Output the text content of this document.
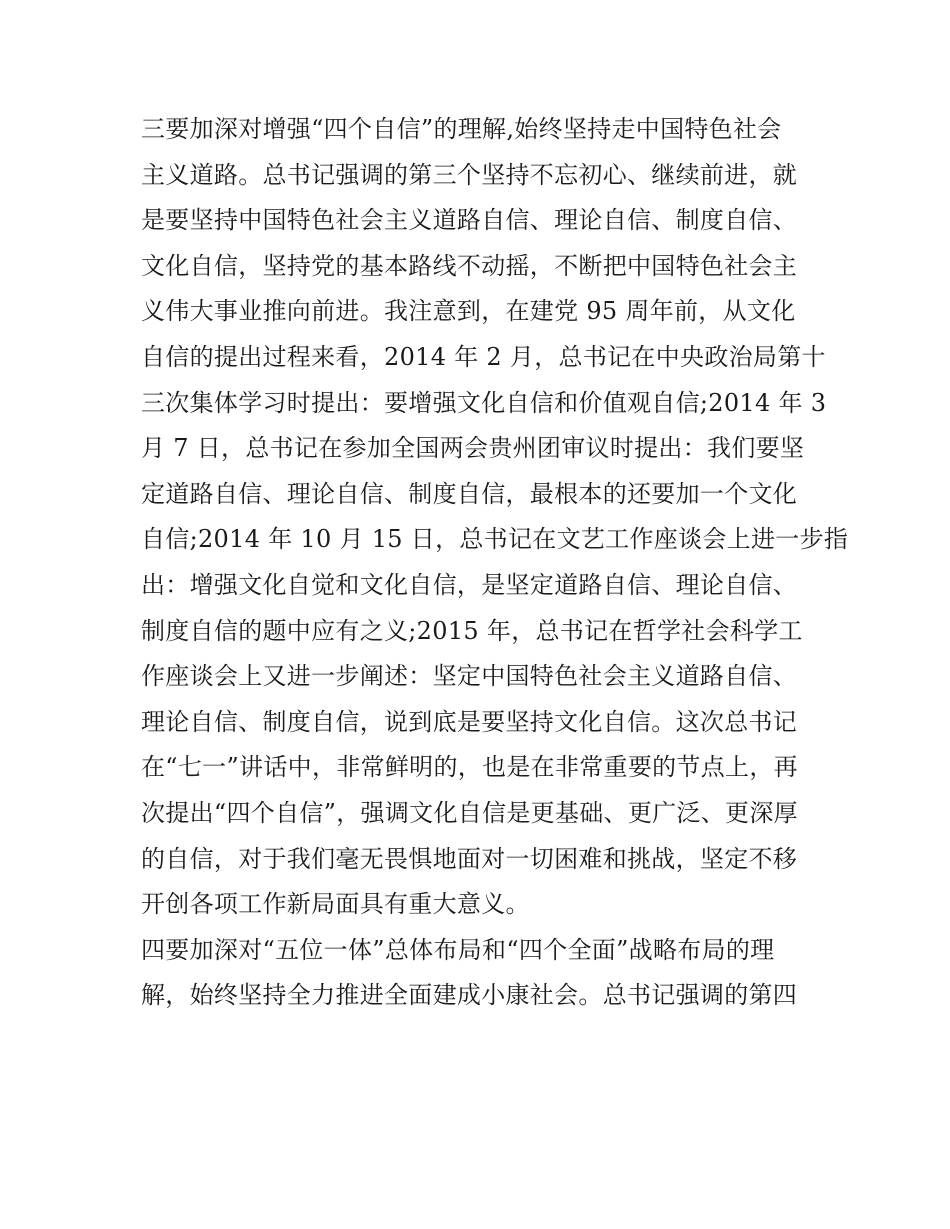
三要加深对增强“四个自信”的理解,始终坚持走中国特色社会
主义道路。总书记强调的第三个坚持不忘初心、继续前进，就
是要坚持中国特色社会主义道路自信、理论自信、制度自信、
文化自信，坚持党的基本路线不动摇，不断把中国特色社会主
义伟大事业推向前进。我注意到，在建党 95 周年前，从文化
自信的提出过程来看，2014 年 2 月，总书记在中央政治局第十
三次集体学习时提出：要增强文化自信和价值观自信;2014 年 3
月 7 日，总书记在参加全国两会贵州团审议时提出：我们要坚
定道路自信、理论自信、制度自信，最根本的还要加一个文化
自信;2014 年 10 月 15 日，总书记在文艺工作座谈会上进一步指
出：增强文化自觉和文化自信，是坚定道路自信、理论自信、
制度自信的题中应有之义;2015 年，总书记在哲学社会科学工
作座谈会上又进一步阐述：坚定中国特色社会主义道路自信、
理论自信、制度自信，说到底是要坚持文化自信。这次总书记
在“七一”讲话中，非常鲜明的，也是在非常重要的节点上，再
次提出“四个自信”，强调文化自信是更基础、更广泛、更深厚
的自信，对于我们毫无畏惧地面对一切困难和挑战，坚定不移
开创各项工作新局面具有重大意义。
四要加深对“五位一体”总体布局和“四个全面”战略布局的理
解，始终坚持全力推进全面建成小康社会。总书记强调的第四
